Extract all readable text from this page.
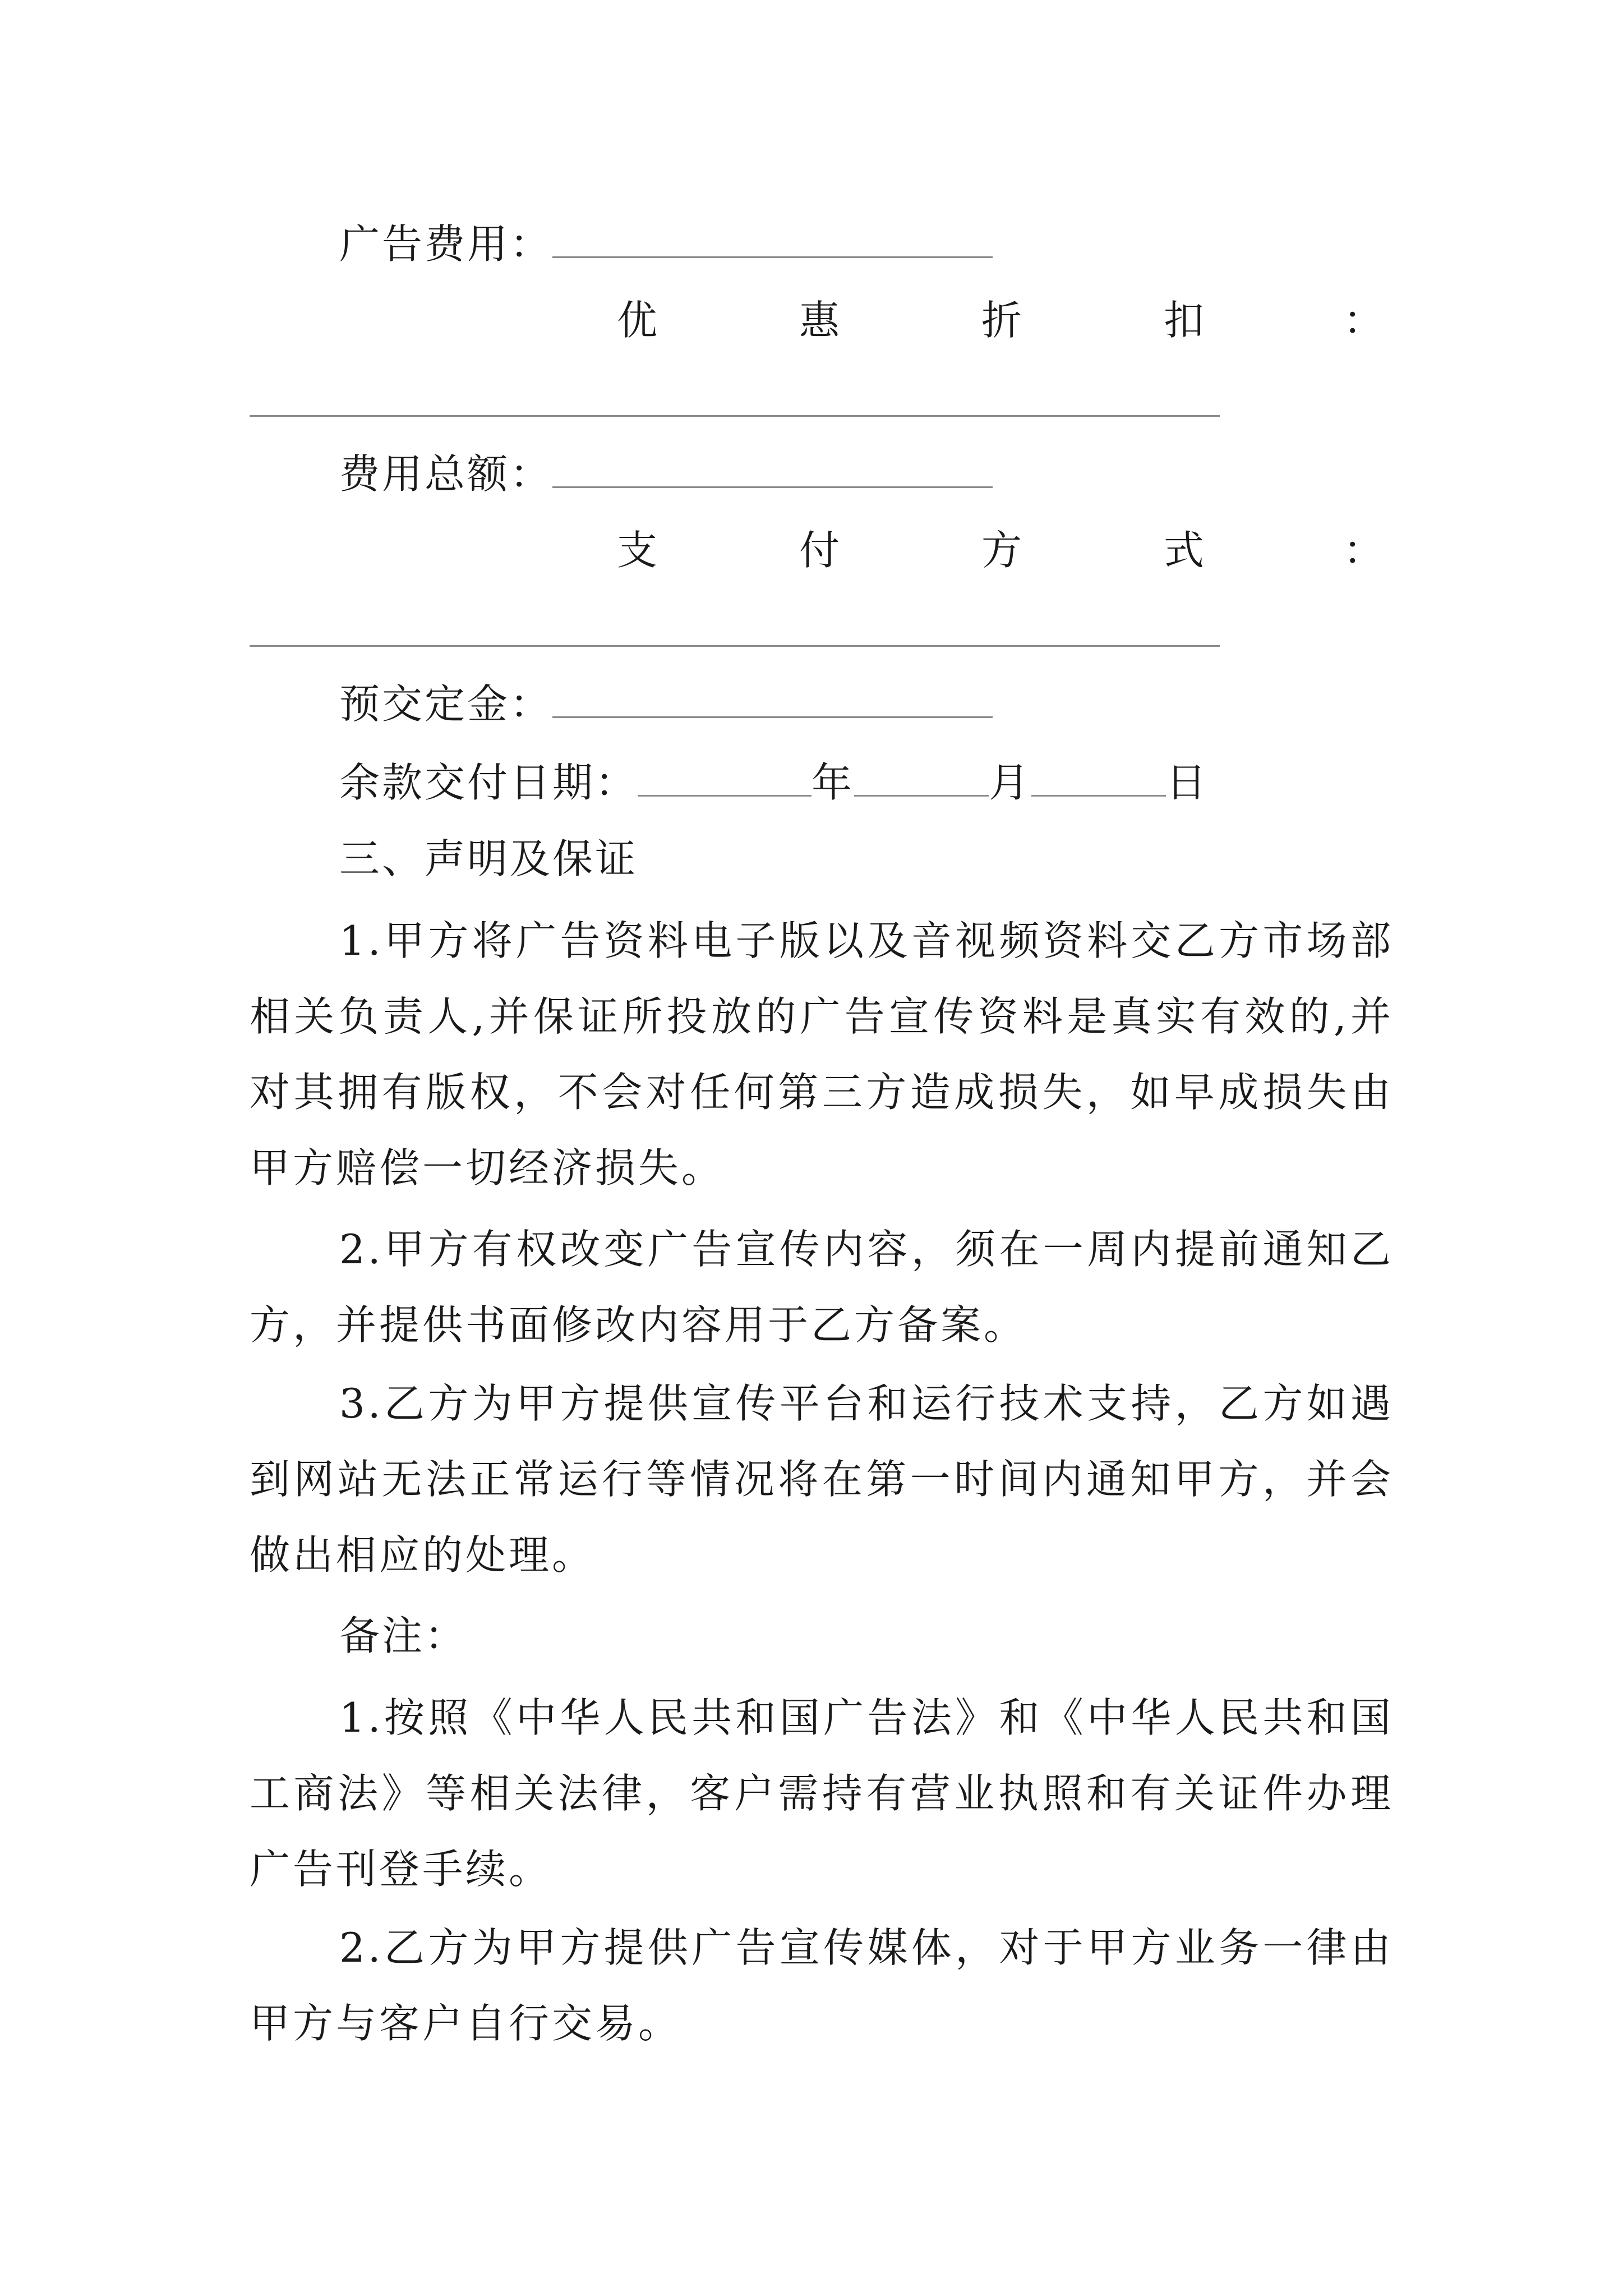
广告费用：
优	惠	折	扣	：
费用总额：
支	付	方	式	：
预交定金：
余款交付日期：	年	月	日
三、声明及保证

1.甲方将广告资料电子版以及音视频资料交乙方市场部相关负责人,并保证所投放的广告宣传资料是真实有效的,并对其拥有版权，不会对任何第三方造成损失，如早成损失由甲方赔偿一切经济损失。

2.甲方有权改变广告宣传内容，须在一周内提前通知乙方，并提供书面修改内容用于乙方备案。

3.乙方为甲方提供宣传平台和运行技术支持，乙方如遇到网站无法正常运行等情况将在第一时间内通知甲方，并会做出相应的处理。

备注：

1.按照《中华人民共和国广告法》和《中华人民共和国工商法》等相关法律，客户需持有营业执照和有关证件办理广告刊登手续。

2.乙方为甲方提供广告宣传媒体，对于甲方业务一律由甲方与客户自行交易。
